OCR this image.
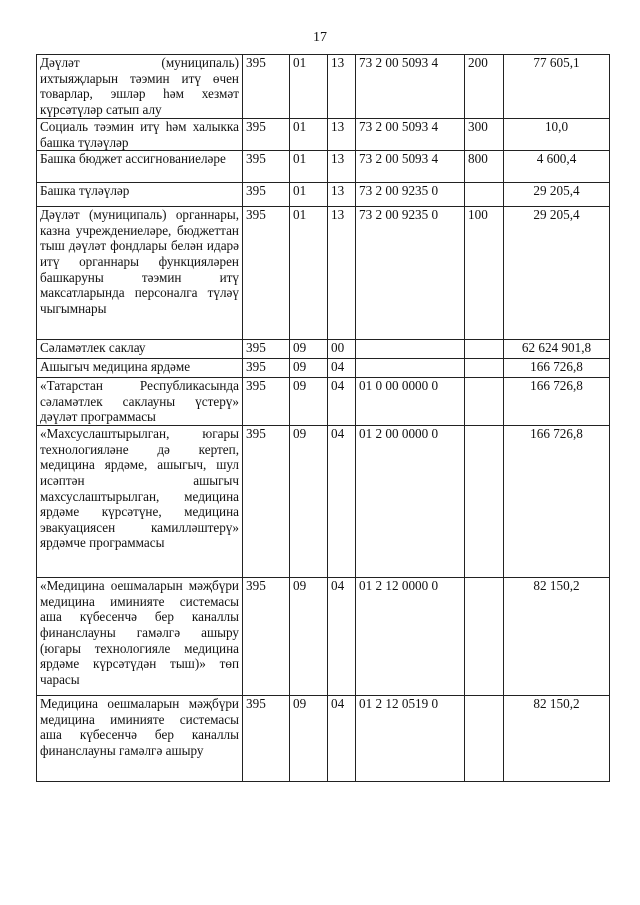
17
Дәүләт (муниципаль) ихтыяҗларын тәэмин итү өчен товарлар, эшләр һәм хезмәт күрсәтүләр сатып алу	395	01	13	73 2 00 5093 4	200	77 605,1

Социаль тәэмин итү һәм халыкка башка түләүләр	395	01	13	73 2 00 5093 4	300	10,0

Башка бюджет ассигнованиеләре	395	01	13	73 2 00 5093 4	800	4 600,4

Башка түләүләр	395	01	13	73 2 00 9235 0		29 205,4

Дәүләт (муниципаль) органнары, казна учреждениеләре, бюджеттан тыш дәүләт фондлары белән идарә итү органнары функцияләрен башкаруны тәэмин итү максатларында персоналга түләү чыгымнары	395	01	13	73 2 00 9235 0	100	29 205,4

Сәламәтлек саклау	395	09	00			62 624 901,8

Ашыгыч медицина ярдәме	395	09	04			166 726,8

«Татарстан Республикасында сәламәтлек саклауны үстерү» дәүләт программасы	395	09	04	01 0 00 0000 0		166 726,8

«Махсуслаштырылган, югары технологияләне дә кертеп, медицина ярдәме, ашыгыч, шул исәптән ашыгыч махсуслаштырылган, медицина ярдәме күрсәтүне, медицина эвакуациясен камилләштерү» ярдәмче программасы	395	09	04	01 2 00 0000 0		166 726,8

«Медицина оешмаларын мәҗбүри медицина иминияте системасы аша күбесенчә бер каналлы финанслауны гамәлгә ашыру (югары технологияле медицина ярдәме күрсәтүдән тыш)» төп чарасы	395	09	04	01 2 12 0000 0		82 150,2

Медицина оешмаларын мәҗбүри медицина иминияте системасы аша күбесенчә бер каналлы финанслауны гамәлгә ашыру	395	09	04	01 2 12 0519 0		82 150,2
